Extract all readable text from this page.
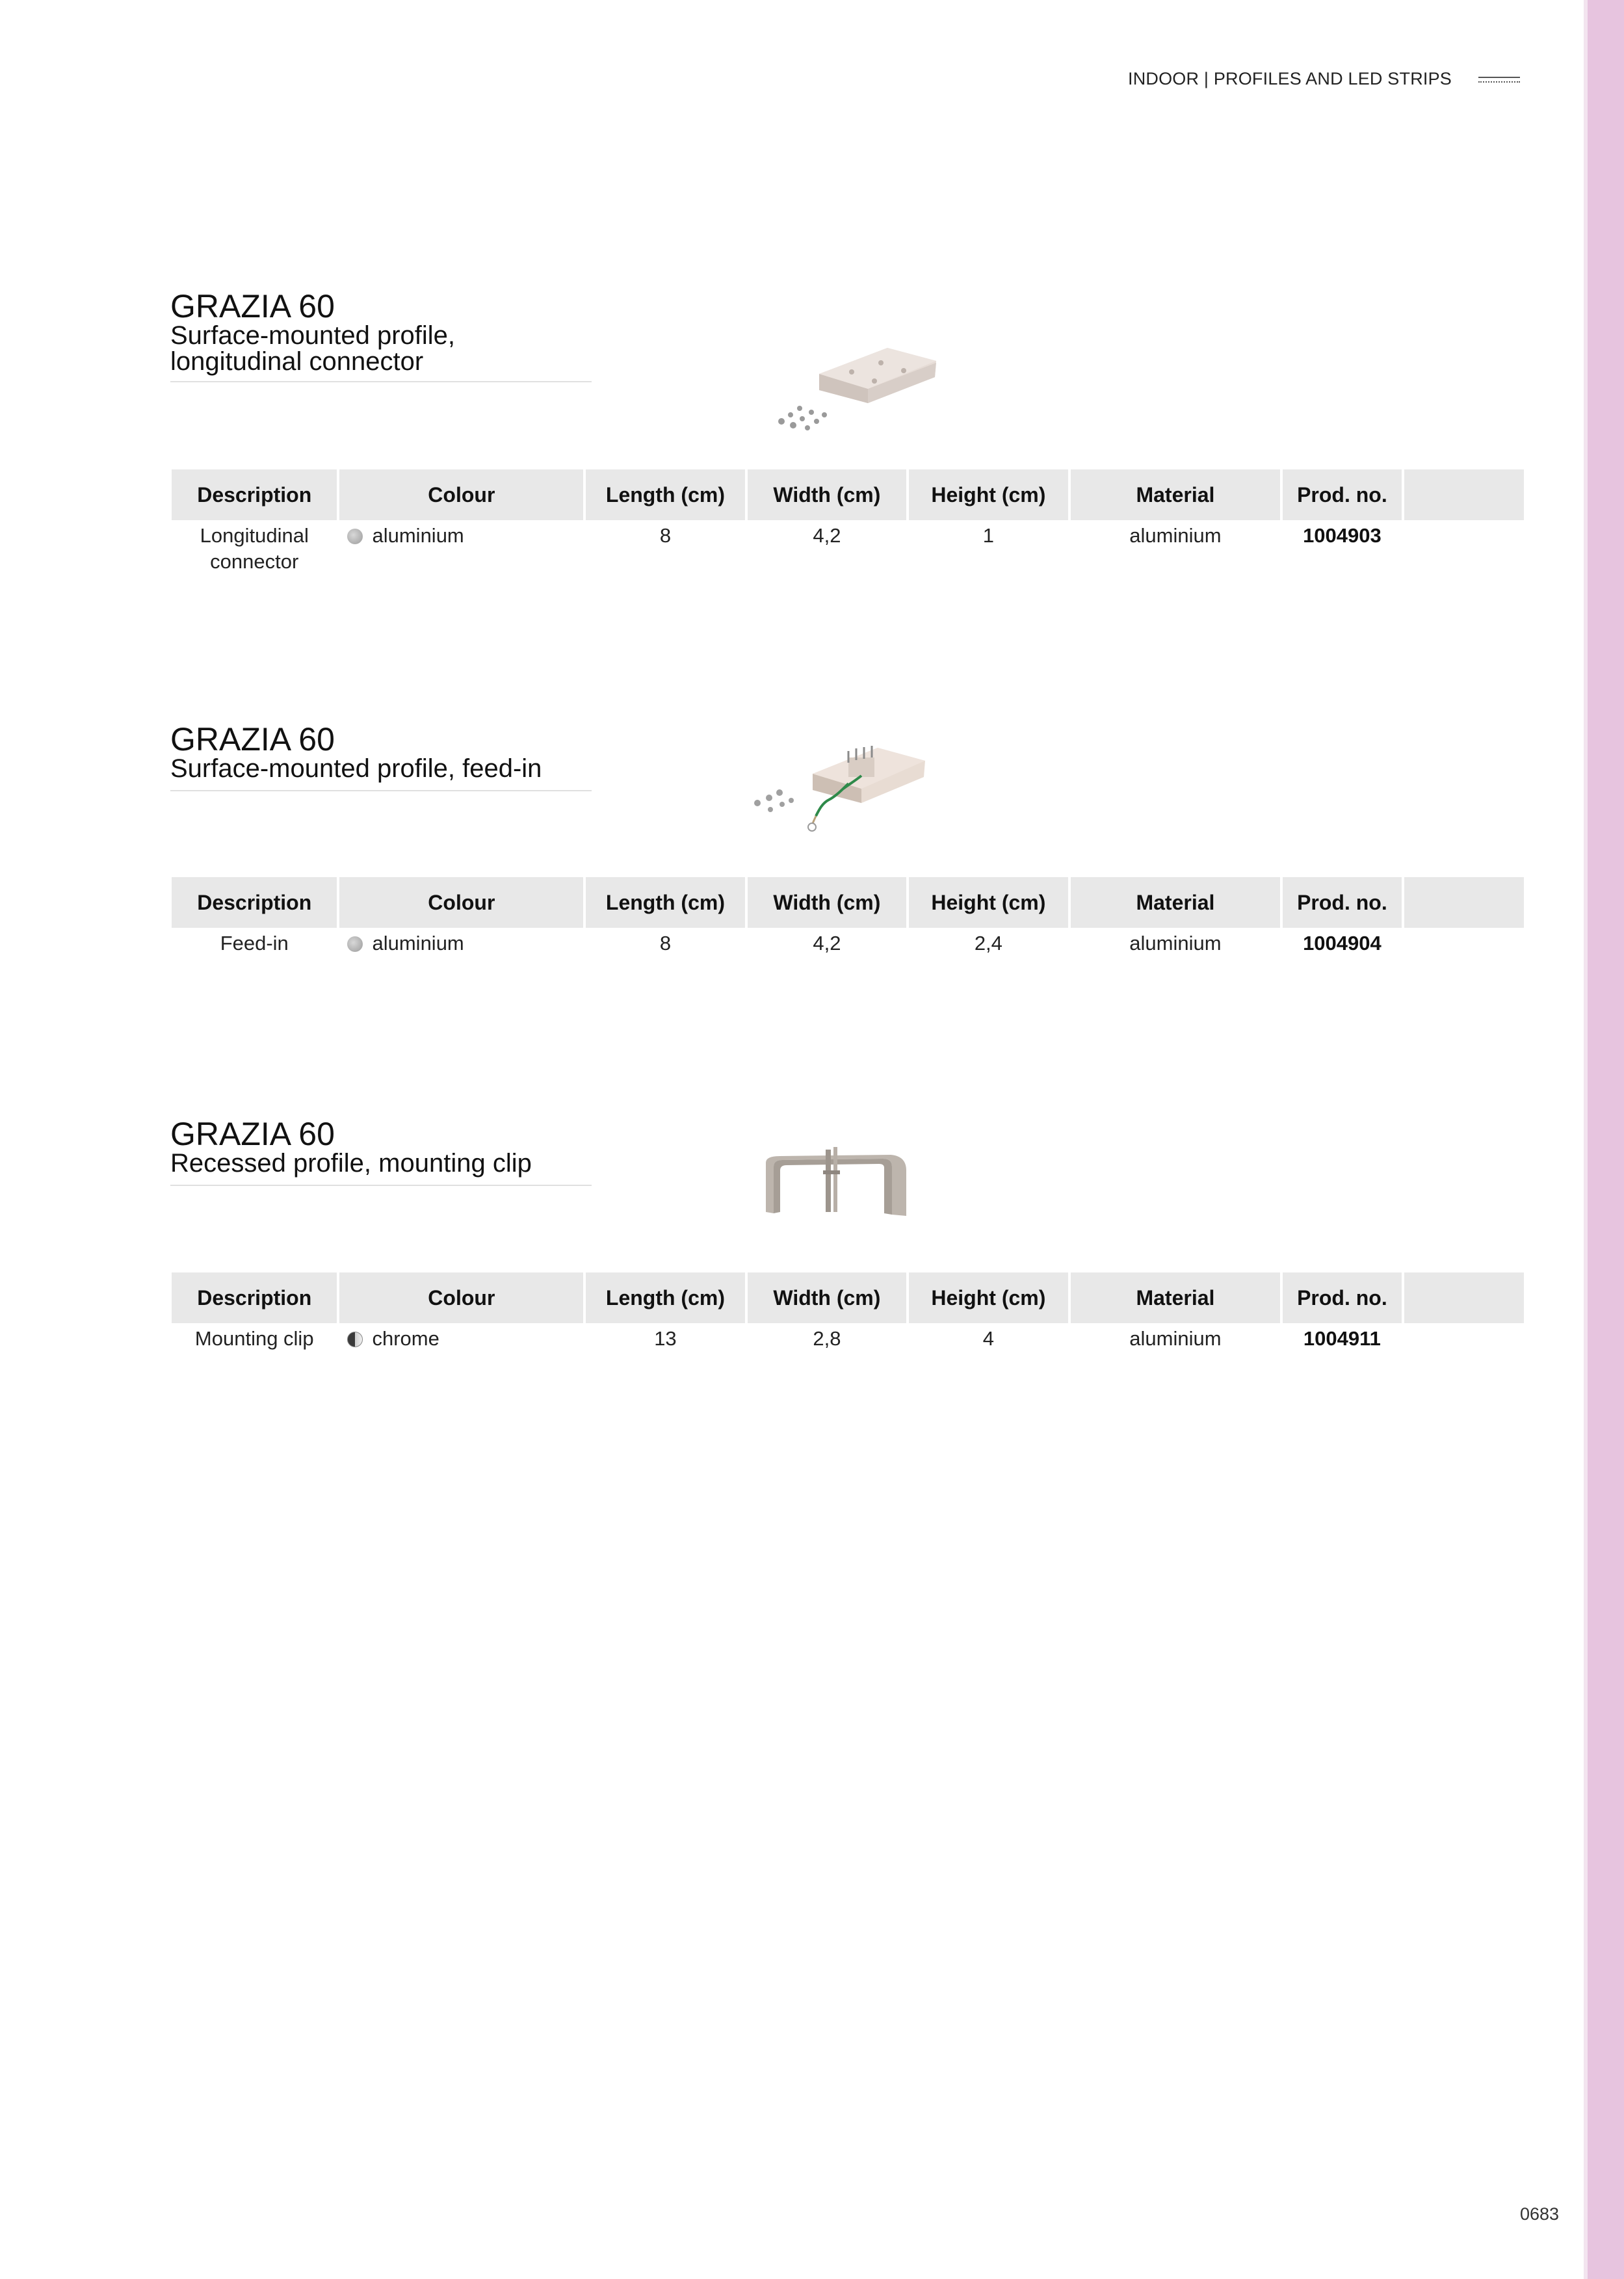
INDOOR | PROFILES AND LED STRIPS
GRAZIA 60
Surface-mounted profile,
longitudinal connector
Description	Colour	Length (cm)	Width (cm)	Height (cm)	Material	Prod. no.	
Longitudinal connector	aluminium	8	4,2	1	aluminium	1004903	
GRAZIA 60
Surface-mounted profile, feed-in
Description	Colour	Length (cm)	Width (cm)	Height (cm)	Material	Prod. no.	
Feed-in	aluminium	8	4,2	2,4	aluminium	1004904	
GRAZIA 60
Recessed profile, mounting clip
Description	Colour	Length (cm)	Width (cm)	Height (cm)	Material	Prod. no.	
Mounting clip	chrome	13	2,8	4	aluminium	1004911	
0683
